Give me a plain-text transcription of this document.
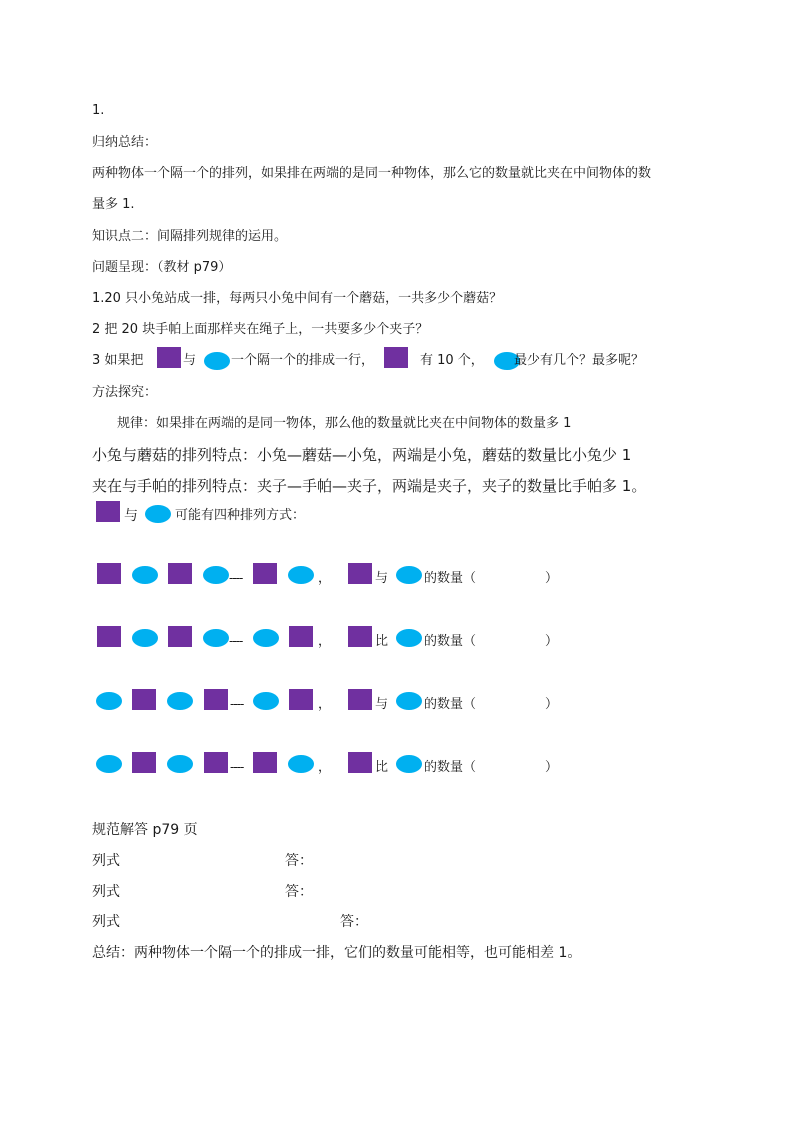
1.
归纳总结：
两种物体一个隔一个的排列，如果排在两端的是同一种物体，那么它的数量就比夹在中间物体的数
量多 1.
知识点二：间隔排列规律的运用。
问题呈现：（教材 p79）
1.20 只小兔站成一排，每两只小兔中间有一个蘑菇，一共多少个蘑菇？
2 把 20 块手帕上面那样夹在绳子上，一共要多少个夹子？
3 如果把	与	一个隔一个的排成一行，	有 10 个， 最少有几个？最多呢？
方法探究：
规律：如果排在两端的是同一物体，那么他的数量就比夹在中间物体的数量多 1
小兔与蘑菇的排列特点：小兔—蘑菇—小兔，两端是小兔，蘑菇的数量比小兔少 1
夹在与手帕的排列特点：夹子—手帕—夹子，两端是夹子，夹子的数量比手帕多 1。
与	可能有四种排列方式：
----	，	与	的数量（	）
----	，	比	的数量（	）
----	，	与	的数量（	）
----	，	比	的数量（	）
规范解答 p79 页
列式	答：
列式	答：
列式	答：
总结：两种物体一个隔一个的排成一排，它们的数量可能相等，也可能相差 1。
